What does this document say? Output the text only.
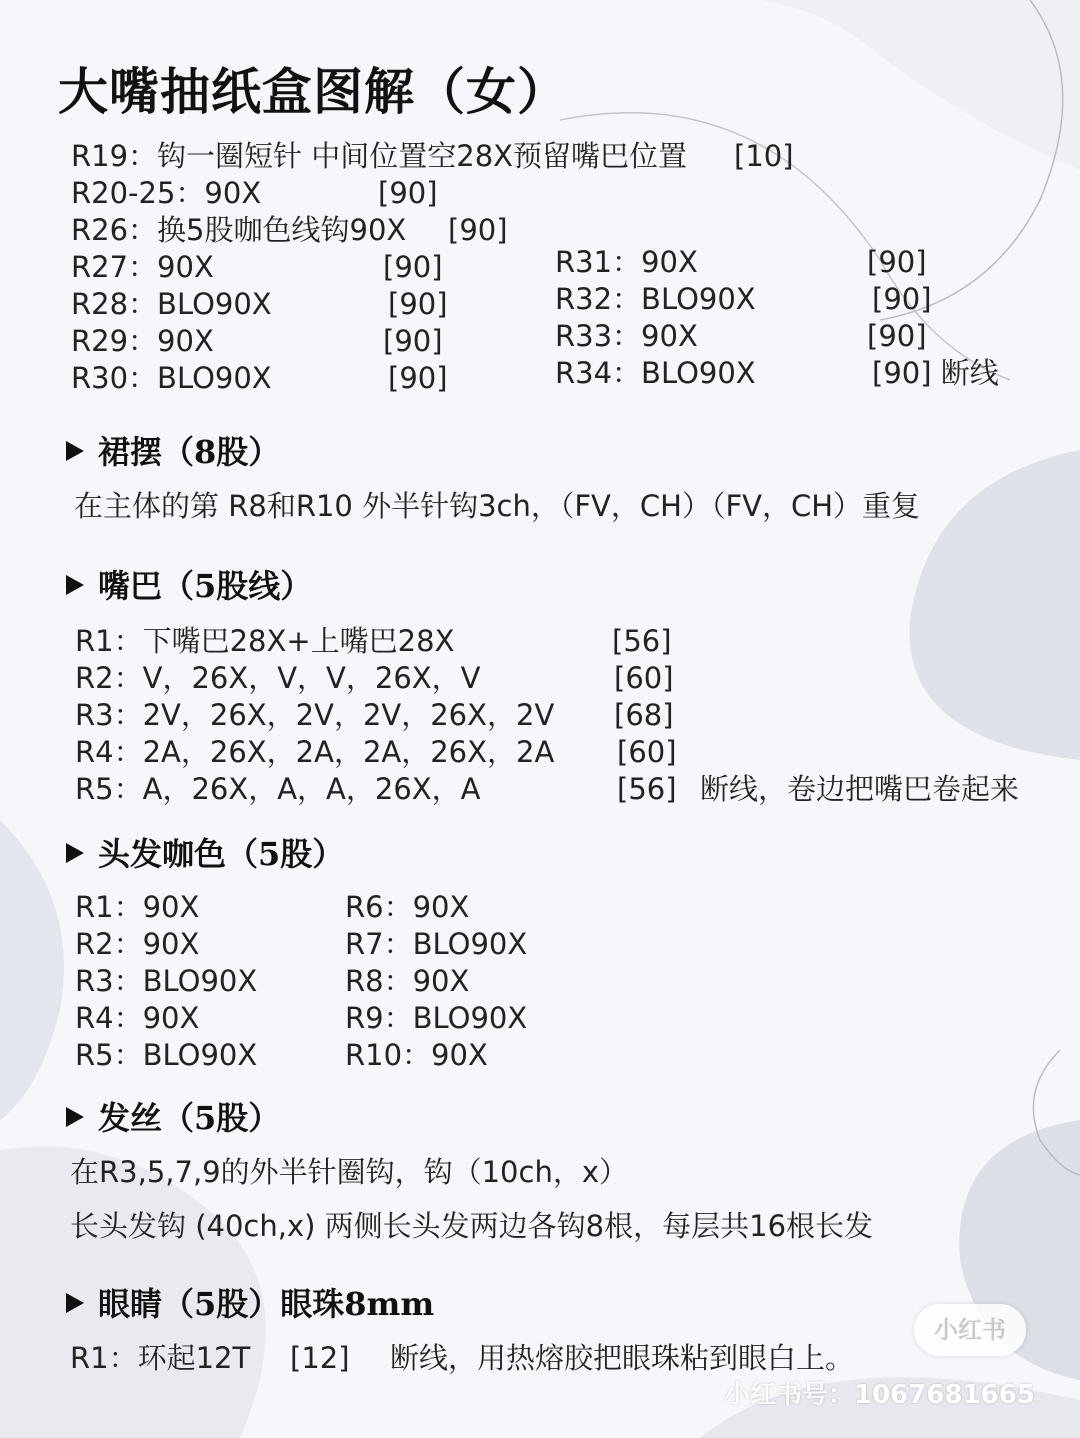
大嘴抽纸盒图解（女）
R19：钩一圈短针 中间位置空28X预留嘴巴位置 [10]
R20-25：90X	[90]
R26：换5股咖色线钩90X [90]
R27：90X	[90]
R28：BLO90X	[90]
R29：90X	[90]
R30：BLO90X	[90]
R31：90X	[90]
R32：BLO90X	[90]
R33：90X	[90]
R34：BLO90X	[90] 断线
裙摆（8股）
在主体的第 R8和R10 外半针钩3ch，（FV，CH）（FV，CH）重复
嘴巴（5股线）
R1：下嘴巴28X+上嘴巴28X	[56]
R2：V，26X，V，V，26X，V	[60]
R3：2V，26X，2V，2V，26X，2V [68]
R4：2A，26X，2A，2A，26X，2A [60]
R5：A，26X，A，A，26X，A	[56] 断线，卷边把嘴巴卷起来
头发咖色（5股）
R1：90X
R2：90X
R3：BLO90X
R4：90X
R5：BLO90X
R6：90X
R7：BLO90X
R8：90X
R9：BLO90X
R10：90X
发丝（5股）
在R3,5,7,9的外半针圈钩，钩（10ch，x）
长头发钩 (40ch,x) 两侧长头发两边各钩8根，每层共16根长发
眼睛（5股）眼珠8mm
R1：环起12T [12] 断线，用热熔胶把眼珠粘到眼白上。
小红书
小红书号：1067681665
